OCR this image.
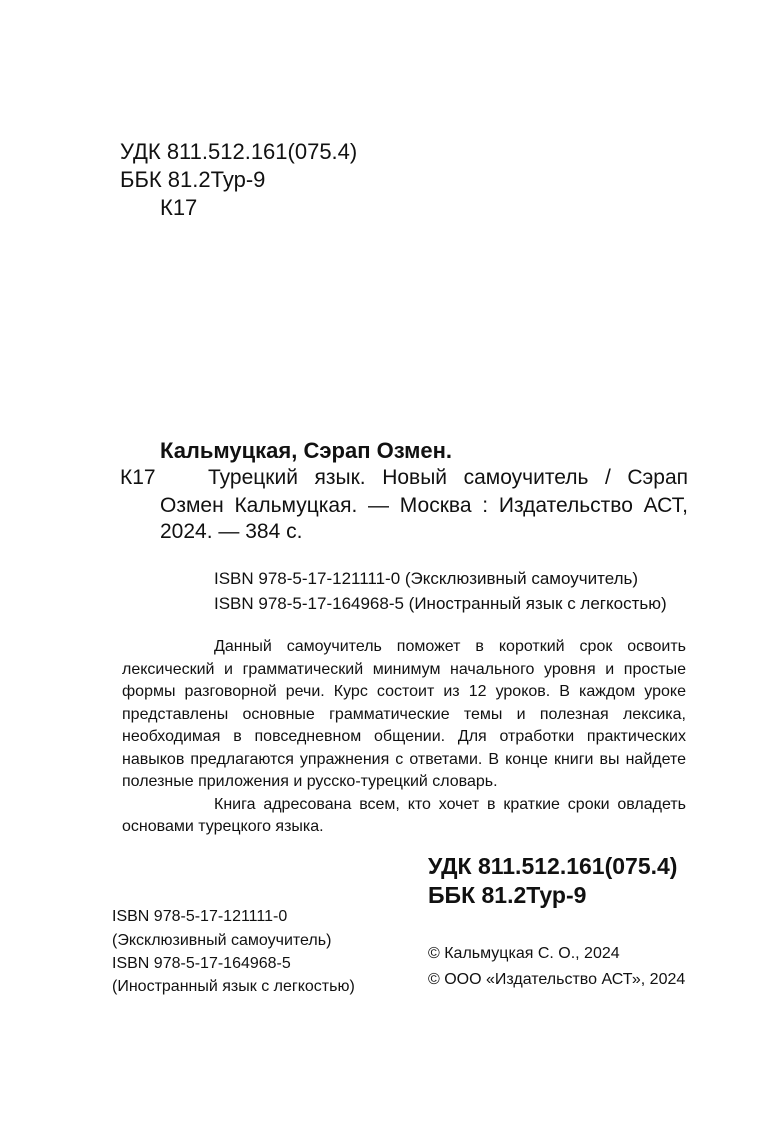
УДК 811.512.161(075.4)
ББК 81.2Тур-9
К17
Кальмуцкая, Сэрап Озмен.
К17 Турецкий язык. Новый самоучитель / Сэрап
Озмен Кальмуцкая. — Москва : Издательство АСТ,
2024. — 384 с.
ISBN 978-5-17-121111-0 (Эксклюзивный самоучитель)
ISBN 978-5-17-164968-5 (Иностранный язык с легкостью)

Данный самоучитель поможет в короткий срок освоить лексический и грамматический минимум начального уровня и простые формы разговорной речи. Курс состоит из 12 уроков. В каждом уроке представлены основные грамматические темы и полезная лексика, необходимая в повседневном общении. Для отработки практических навыков предлагаются упражнения с ответами. В конце книги вы найдете полезные приложения и русско-турецкий словарь.

Книга адресована всем, кто хочет в краткие сроки овладеть основами турецкого языка.

УДК 811.512.161(075.4)
ББК 81.2Тур-9
ISBN 978-5-17-121111-0
(Эксклюзивный самоучитель)
ISBN 978-5-17-164968-5
(Иностранный язык с легкостью)
© Кальмуцкая С. О., 2024
© ООО «Издательство АСТ», 2024
